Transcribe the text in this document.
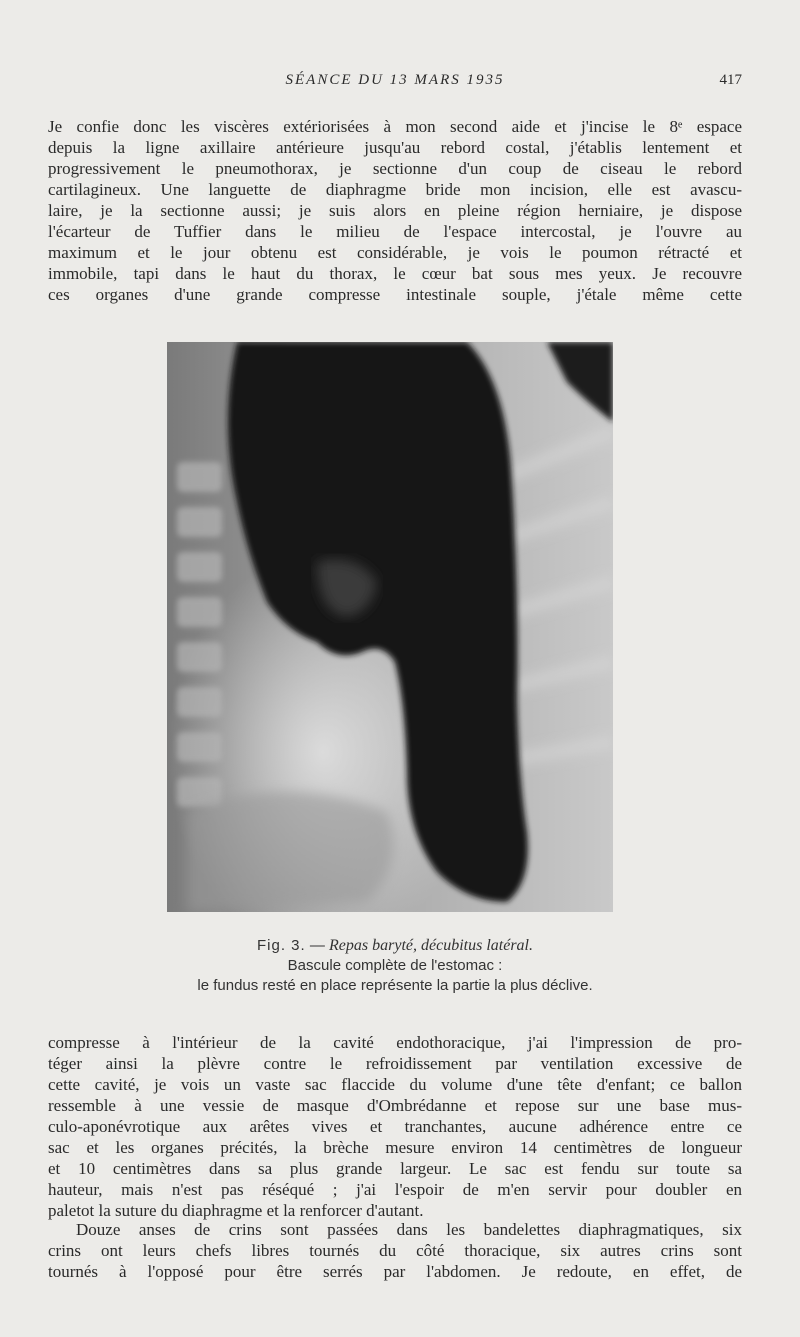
SÉANCE DU 13 MARS 1935	417
Je confie donc les viscères extériorisées à mon second aide et j'incise le 8ᵉ espace
depuis la ligne axillaire antérieure jusqu'au rebord costal, j'établis lentement et
progressivement le pneumothorax, je sectionne d'un coup de ciseau le rebord
cartilagineux. Une languette de diaphragme bride mon incision, elle est avascu-
laire, je la sectionne aussi; je suis alors en pleine région herniaire, je dispose
l'écarteur de Tuffier dans le milieu de l'espace intercostal, je l'ouvre au
maximum et le jour obtenu est considérable, je vois le poumon rétracté et
immobile, tapi dans le haut du thorax, le cœur bat sous mes yeux. Je recouvre
ces organes d'une grande compresse intestinale souple, j'étale même cette
Fig. 3. — Repas baryté, décubitus latéral.
Bascule complète de l'estomac :
le fundus resté en place représente la partie la plus déclive.
compresse à l'intérieur de la cavité endothoracique, j'ai l'impression de pro-
téger ainsi la plèvre contre le refroidissement par ventilation excessive de
cette cavité, je vois un vaste sac flaccide du volume d'une tête d'enfant; ce ballon
ressemble à une vessie de masque d'Ombrédanne et repose sur une base mus-
culo-aponévrotique aux arêtes vives et tranchantes, aucune adhérence entre ce
sac et les organes précités, la brèche mesure environ 14 centimètres de longueur
et 10 centimètres dans sa plus grande largeur. Le sac est fendu sur toute sa
hauteur, mais n'est pas réséqué ; j'ai l'espoir de m'en servir pour doubler en
paletot la suture du diaphragme et la renforcer d'autant.
Douze anses de crins sont passées dans les bandelettes diaphragmatiques, six
crins ont leurs chefs libres tournés du côté thoracique, six autres crins sont
tournés à l'opposé pour être serrés par l'abdomen. Je redoute, en effet, de
